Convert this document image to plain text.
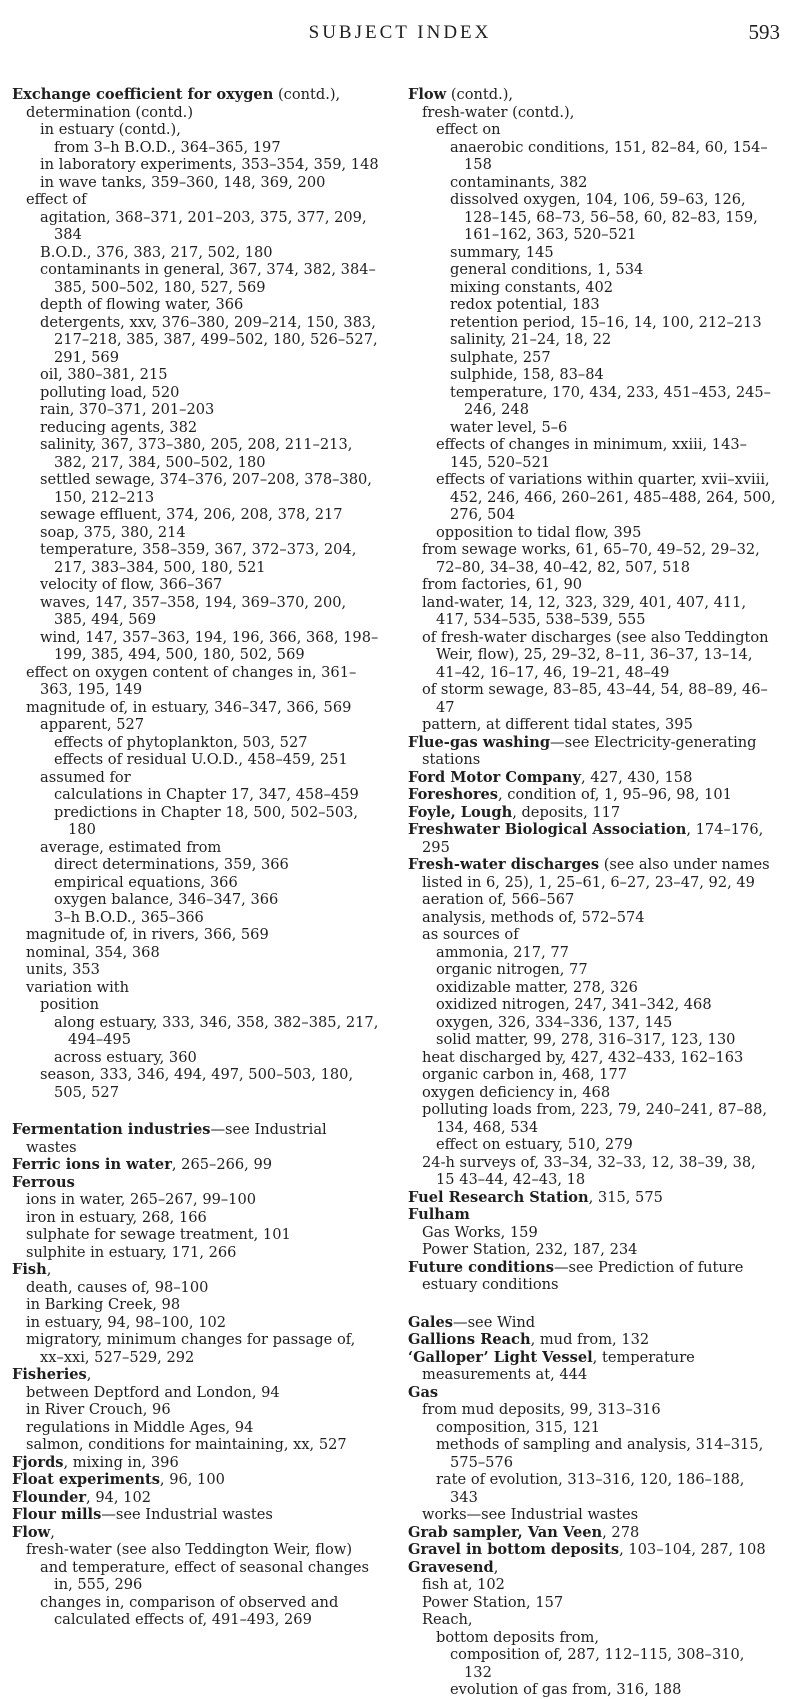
SUBJECT INDEX	593

Exchange coefficient for oxygen (contd.),

determination (contd.)

in estuary (contd.),

from 3–h B.O.D., 364–365, 197

in laboratory experiments, 353–354, 359, 148

in wave tanks, 359–360, 148, 369, 200

effect of

agitation, 368–371, 201–203, 375, 377, 209, 384

B.O.D., 376, 383, 217, 502, 180

contaminants in general, 367, 374, 382, 384–385, 500–502, 180, 527, 569

depth of flowing water, 366

detergents, xxv, 376–380, 209–214, 150, 383, 217–218, 385, 387, 499–502, 180, 526–527, 291, 569

oil, 380–381, 215

polluting load, 520

rain, 370–371, 201–203

reducing agents, 382

salinity, 367, 373–380, 205, 208, 211–213, 382, 217, 384, 500–502, 180

settled sewage, 374–376, 207–208, 378–380, 150, 212–213

sewage effluent, 374, 206, 208, 378, 217

soap, 375, 380, 214

temperature, 358–359, 367, 372–373, 204, 217, 383–384, 500, 180, 521

velocity of flow, 366–367

waves, 147, 357–358, 194, 369–370, 200, 385, 494, 569

wind, 147, 357–363, 194, 196, 366, 368, 198–199, 385, 494, 500, 180, 502, 569

effect on oxygen content of changes in, 361–363, 195, 149

magnitude of, in estuary, 346–347, 366, 569

apparent, 527

effects of phytoplankton, 503, 527

effects of residual U.O.D., 458–459, 251

assumed for

calculations in Chapter 17, 347, 458–459

predictions in Chapter 18, 500, 502–503, 180

average, estimated from

direct determinations, 359, 366

empirical equations, 366

oxygen balance, 346–347, 366

3–h B.O.D., 365–366

magnitude of, in rivers, 366, 569

nominal, 354, 368

units, 353

variation with

position

along estuary, 333, 346, 358, 382–385, 217, 494–495

across estuary, 360

season, 333, 346, 494, 497, 500–503, 180, 505, 527

Fermentation industries—see Industrial wastes

Ferric ions in water, 265–266, 99

Ferrous

ions in water, 265–267, 99–100

iron in estuary, 268, 166

sulphate for sewage treatment, 101

sulphite in estuary, 171, 266

Fish,

death, causes of, 98–100

in Barking Creek, 98

in estuary, 94, 98–100, 102

migratory, minimum changes for passage of, xx–xxi, 527–529, 292

Fisheries,

between Deptford and London, 94

in River Crouch, 96

regulations in Middle Ages, 94

salmon, conditions for maintaining, xx, 527

Fjords, mixing in, 396

Float experiments, 96, 100

Flounder, 94, 102

Flour mills—see Industrial wastes

Flow,

fresh-water (see also Teddington Weir, flow)

and temperature, effect of seasonal changes in, 555, 296

changes in, comparison of observed and calculated effects of, 491–493, 269

Flow (contd.),

fresh-water (contd.),

effect on

anaerobic conditions, 151, 82–84, 60, 154–158

contaminants, 382

dissolved oxygen, 104, 106, 59–63, 126, 128–145, 68–73, 56–58, 60, 82–83, 159, 161–162, 363, 520–521

summary, 145

general conditions, 1, 534

mixing constants, 402

redox potential, 183

retention period, 15–16, 14, 100, 212–213

salinity, 21–24, 18, 22

sulphate, 257

sulphide, 158, 83–84

temperature, 170, 434, 233, 451–453, 245–246, 248

water level, 5–6

effects of changes in minimum, xxiii, 143–145, 520–521

effects of variations within quarter, xvii–xviii, 452, 246, 466, 260–261, 485–488, 264, 500, 276, 504

opposition to tidal flow, 395

from sewage works, 61, 65–70, 49–52, 29–32, 72–80, 34–38, 40–42, 82, 507, 518

from factories, 61, 90

land-water, 14, 12, 323, 329, 401, 407, 411, 417, 534–535, 538–539, 555

of fresh-water discharges (see also Teddington Weir, flow), 25, 29–32, 8–11, 36–37, 13–14, 41–42, 16–17, 46, 19–21, 48–49

of storm sewage, 83–85, 43–44, 54, 88–89, 46–47

pattern, at different tidal states, 395

Flue-gas washing—see Electricity-generating stations

Ford Motor Company, 427, 430, 158

Foreshores, condition of, 1, 95–96, 98, 101

Foyle, Lough, deposits, 117

Freshwater Biological Association, 174–176, 295

Fresh-water discharges (see also under names listed in 6, 25), 1, 25–61, 6–27, 23–47, 92, 49

aeration of, 566–567

analysis, methods of, 572–574

as sources of

ammonia, 217, 77

organic nitrogen, 77

oxidizable matter, 278, 326

oxidized nitrogen, 247, 341–342, 468

oxygen, 326, 334–336, 137, 145

solid matter, 99, 278, 316–317, 123, 130

heat discharged by, 427, 432–433, 162–163

organic carbon in, 468, 177

oxygen deficiency in, 468

polluting loads from, 223, 79, 240–241, 87–88, 134, 468, 534

effect on estuary, 510, 279

24-h surveys of, 33–34, 32–33, 12, 38–39, 38, 15 43–44, 42–43, 18

Fuel Research Station, 315, 575

Fulham

Gas Works, 159

Power Station, 232, 187, 234

Future conditions—see Prediction of future estuary conditions

Gales—see Wind

Gallions Reach, mud from, 132

‘Galloper’ Light Vessel, temperature measurements at, 444

Gas

from mud deposits, 99, 313–316

composition, 315, 121

methods of sampling and analysis, 314–315, 575–576

rate of evolution, 313–316, 120, 186–188, 343

works—see Industrial wastes

Grab sampler, Van Veen, 278

Gravel in bottom deposits, 103–104, 287, 108

Gravesend,

fish at, 102

Power Station, 157

Reach,

bottom deposits from,

composition of, 287, 112–115, 308–310, 132

evolution of gas from, 316, 188
